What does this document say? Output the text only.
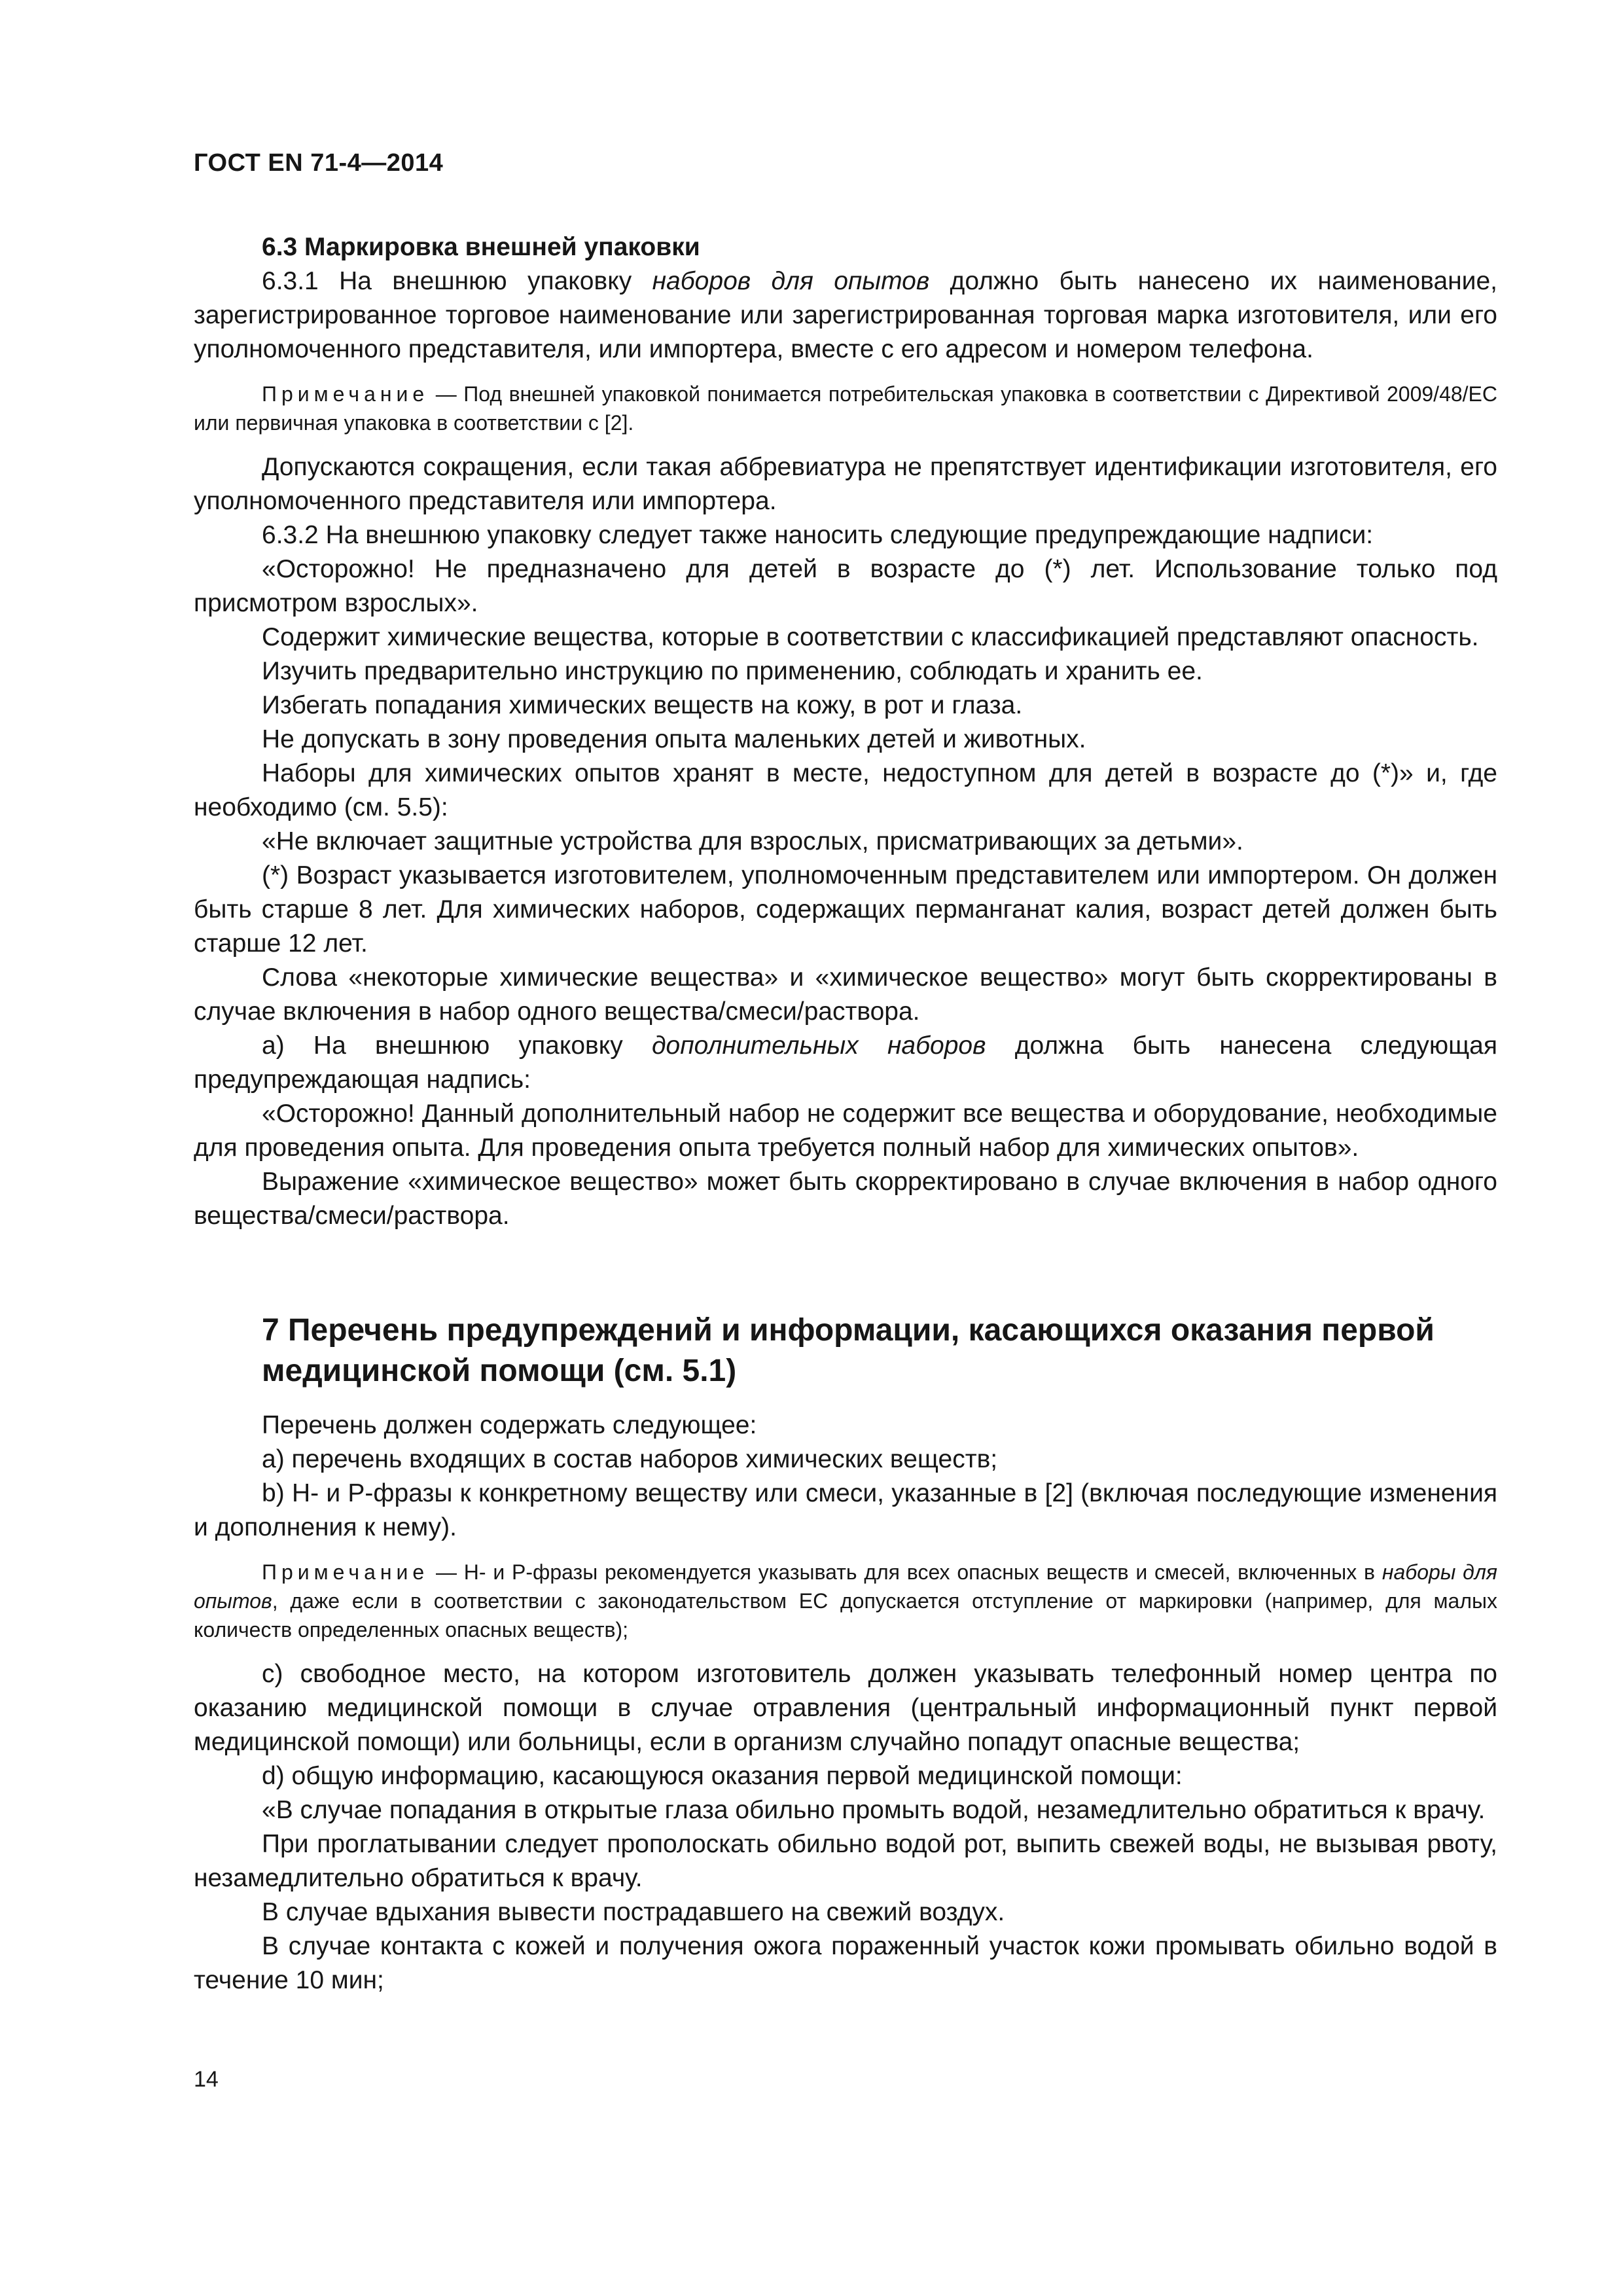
ГОСТ EN 71-4—2014

6.3 Маркировка внешней упаковки

6.3.1 На внешнюю упаковку наборов для опытов должно быть нанесено их наименование, зарегистрированное торговое наименование или зарегистрированная торговая марка изготовителя, или его уполномоченного представителя, или импортера, вместе с его адресом и номером телефона.

Примечание — Под внешней упаковкой понимается потребительская упаковка в соответствии с Директивой 2009/48/ЕС или первичная упаковка в соответствии с [2].

Допускаются сокращения, если такая аббревиатура не препятствует идентификации изготовителя, его уполномоченного представителя или импортера.

6.3.2 На внешнюю упаковку следует также наносить следующие предупреждающие надписи:

«Осторожно! Не предназначено для детей в возрасте до (*) лет. Использование только под присмотром взрослых».

Содержит химические вещества, которые в соответствии с классификацией представляют опасность.

Изучить предварительно инструкцию по применению, соблюдать и хранить ее.

Избегать попадания химических веществ на кожу, в рот и глаза.

Не допускать в зону проведения опыта маленьких детей и животных.

Наборы для химических опытов хранят в месте, недоступном для детей в возрасте до (*)» и, где необходимо (см. 5.5):

«Не включает защитные устройства для взрослых, присматривающих за детьми».

(*) Возраст указывается изготовителем, уполномоченным представителем или импортером. Он должен быть старше 8 лет. Для химических наборов, содержащих перманганат калия, возраст детей должен быть старше 12 лет.

Слова «некоторые химические вещества» и «химическое вещество» могут быть скорректированы в случае включения в набор одного вещества/смеси/раствора.

а) На внешнюю упаковку дополнительных наборов должна быть нанесена следующая предупреждающая надпись:

«Осторожно! Данный дополнительный набор не содержит все вещества и оборудование, необходимые для проведения опыта. Для проведения опыта требуется полный набор для химических опытов».

Выражение «химическое вещество» может быть скорректировано в случае включения в набор одного вещества/смеси/раствора.

7 Перечень предупреждений и информации, касающихся оказания первой медицинской помощи (см. 5.1)

Перечень должен содержать следующее:

а) перечень входящих в состав наборов химических веществ;

b) H- и P-фразы к конкретному веществу или смеси, указанные в [2] (включая последующие изменения и дополнения к нему).

Примечание — H- и P-фразы рекомендуется указывать для всех опасных веществ и смесей, включенных в наборы для опытов, даже если в соответствии с законодательством ЕС допускается отступление от маркировки (например, для малых количеств определенных опасных веществ);

с) свободное место, на котором изготовитель должен указывать телефонный номер центра по оказанию медицинской помощи в случае отравления (центральный информационный пункт первой медицинской помощи) или больницы, если в организм случайно попадут опасные вещества;

d) общую информацию, касающуюся оказания первой медицинской помощи:

«В случае попадания в открытые глаза обильно промыть водой, незамедлительно обратиться к врачу.

При проглатывании следует прополоскать обильно водой рот, выпить свежей воды, не вызывая рвоту, незамедлительно обратиться к врачу.

В случае вдыхания вывести пострадавшего на свежий воздух.

В случае контакта с кожей и получения ожога пораженный участок кожи промывать обильно водой в течение 10 мин;

14
